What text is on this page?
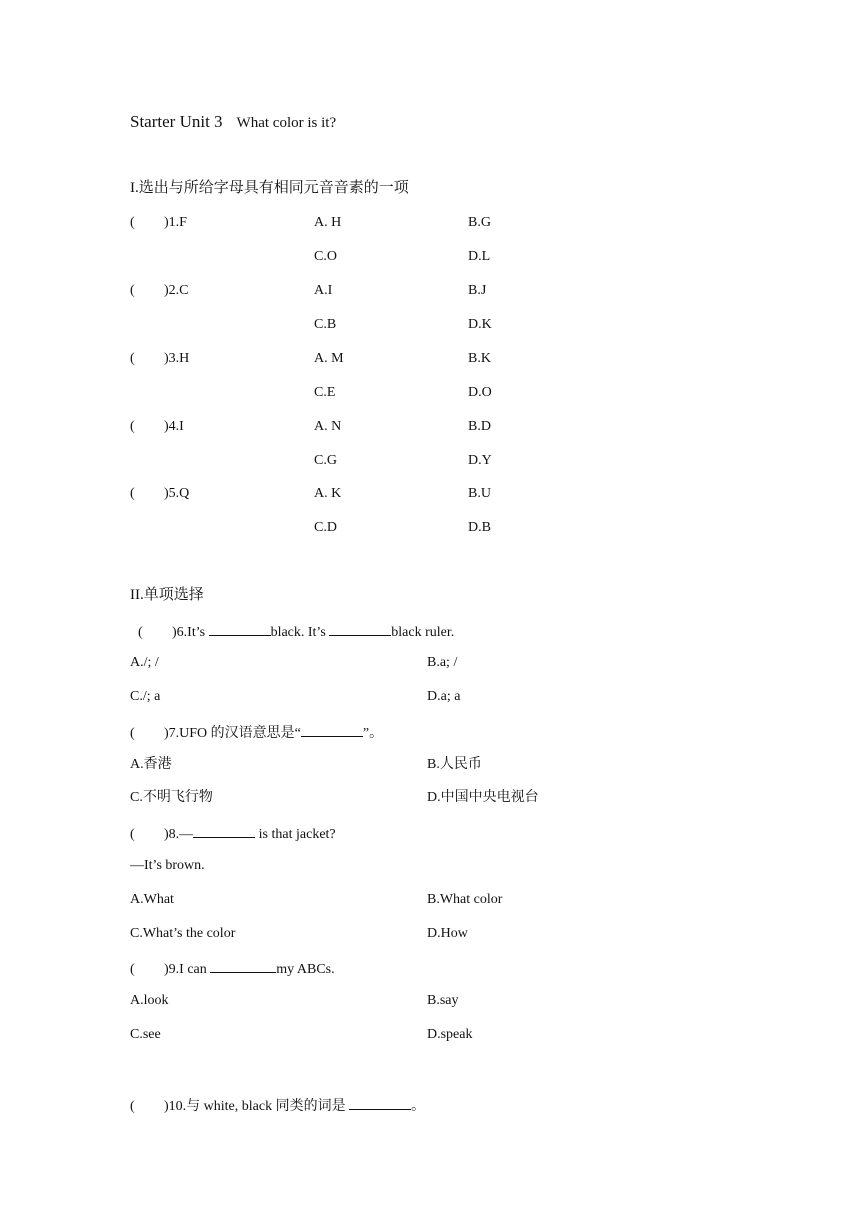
Starter Unit 3 What color is it?
I.选出与所给字母具有相同元音音素的一项
( )1.F	A. H	B.G
C.O	D.L
( )2.C	A.I	B.J
C.B	D.K
( )3.H	A. M	B.K
C.E	D.O
( )4.I	A. N	B.D
C.G	D.Y
( )5.Q	A. K	B.U
C.D	D.B
II.单项选择
( )6.It’s	black. It’s	black ruler.
A./; /	B.a; /
C./; a	D.a; a
( )7.UFO 的汉语意思是“	”。
A.香港	B.人民币
C.不明飞行物	D.中国中央电视台
( )8.—	is that jacket?
—It’s brown.
A.What	B.What color
C.What’s the color	D.How
( )9.I can	my ABCs.
A.look	B.say
C.see	D.speak
( )10.与 white, black 同类的词是	。
